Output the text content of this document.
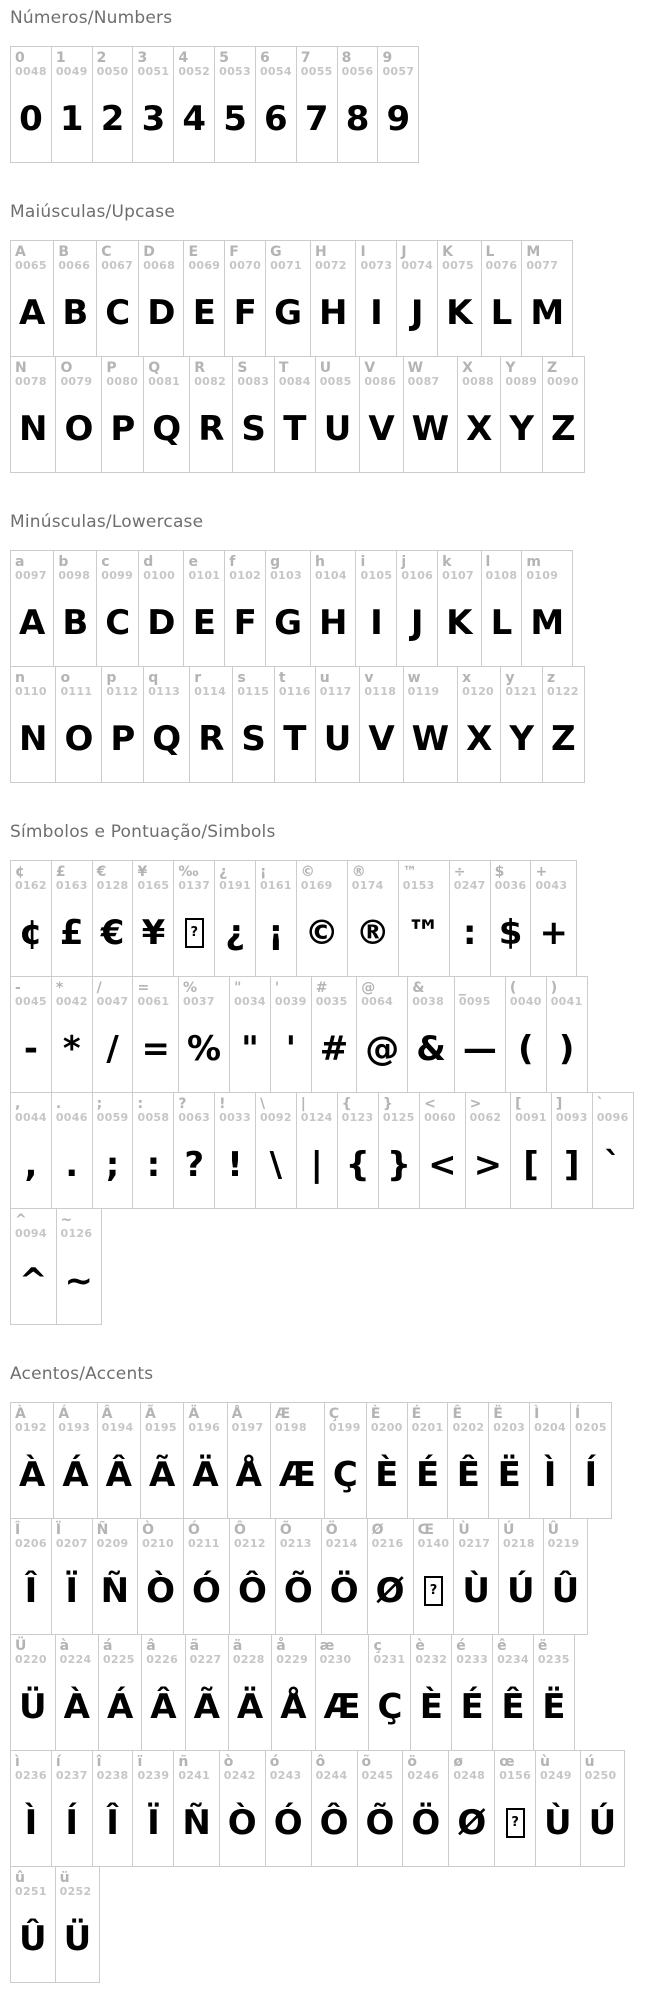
Números/Numbers
0
0048
0
1
0049
1
2
0050
2
3
0051
3
4
0052
4
5
0053
5
6
0054
6
7
0055
7
8
0056
8
9
0057
9
Maiúsculas/Upcase
A
0065
A
B
0066
B
C
0067
C
D
0068
D
E
0069
E
F
0070
F
G
0071
G
H
0072
H
I
0073
I
J
0074
J
K
0075
K
L
0076
L
M
0077
M
N
0078
N
O
0079
O
P
0080
P
Q
0081
Q
R
0082
R
S
0083
S
T
0084
T
U
0085
U
V
0086
V
W
0087
W
X
0088
X
Y
0089
Y
Z
0090
Z
Minúsculas/Lowercase
a
0097
A
b
0098
B
c
0099
C
d
0100
D
e
0101
E
f
0102
F
g
0103
G
h
0104
H
i
0105
I
j
0106
J
k
0107
K
l
0108
L
m
0109
M
n
0110
N
o
0111
O
p
0112
P
q
0113
Q
r
0114
R
s
0115
S
t
0116
T
u
0117
U
v
0118
V
w
0119
W
x
0120
X
y
0121
Y
z
0122
Z
Símbolos e Pontuação/Simbols
¢
0162
¢
£
0163
£
€
0128
€
¥
0165
¥
‰
0137
?
¿
0191
¿
¡
0161
¡
©
0169
©
®
0174
®
™
0153
™
÷
0247
:
$
0036
$
+
0043
+
-
0045
-
*
0042
*
/
0047
/
=
0061
=
%
0037
%
"
0034
"
'
0039
'
#
0035
#
@
0064
@
&
0038
&
_
0095
—
(
0040
(
)
0041
)
,
0044
,
.
0046
.
;
0059
;
:
0058
:
?
0063
?
!
0033
!
\
0092
\
|
0124
|
{
0123
{
}
0125
}
<
0060
<
>
0062
>
[
0091
[
]
0093
]
`
0096
`
^
0094
^
~
0126
~
Acentos/Accents
À
0192
À
Á
0193
Á
Â
0194
Â
Ã
0195
Ã
Ä
0196
Ä
Å
0197
Å
Æ
0198
Æ
Ç
0199
Ç
È
0200
È
É
0201
É
Ê
0202
Ê
Ë
0203
Ë
Ì
0204
Ì
Í
0205
Í
Î
0206
Î
Ï
0207
Ï
Ñ
0209
Ñ
Ò
0210
Ò
Ó
0211
Ó
Ô
0212
Ô
Õ
0213
Õ
Ö
0214
Ö
Ø
0216
Ø
Œ
0140
?
Ù
0217
Ù
Ú
0218
Ú
Û
0219
Û
Ü
0220
Ü
à
0224
À
á
0225
Á
â
0226
Â
ã
0227
Ã
ä
0228
Ä
å
0229
Å
æ
0230
Æ
ç
0231
Ç
è
0232
È
é
0233
É
ê
0234
Ê
ë
0235
Ë
ì
0236
Ì
í
0237
Í
î
0238
Î
ï
0239
Ï
ñ
0241
Ñ
ò
0242
Ò
ó
0243
Ó
ô
0244
Ô
õ
0245
Õ
ö
0246
Ö
ø
0248
Ø
œ
0156
?
ù
0249
Ù
ú
0250
Ú
û
0251
Û
ü
0252
Ü
